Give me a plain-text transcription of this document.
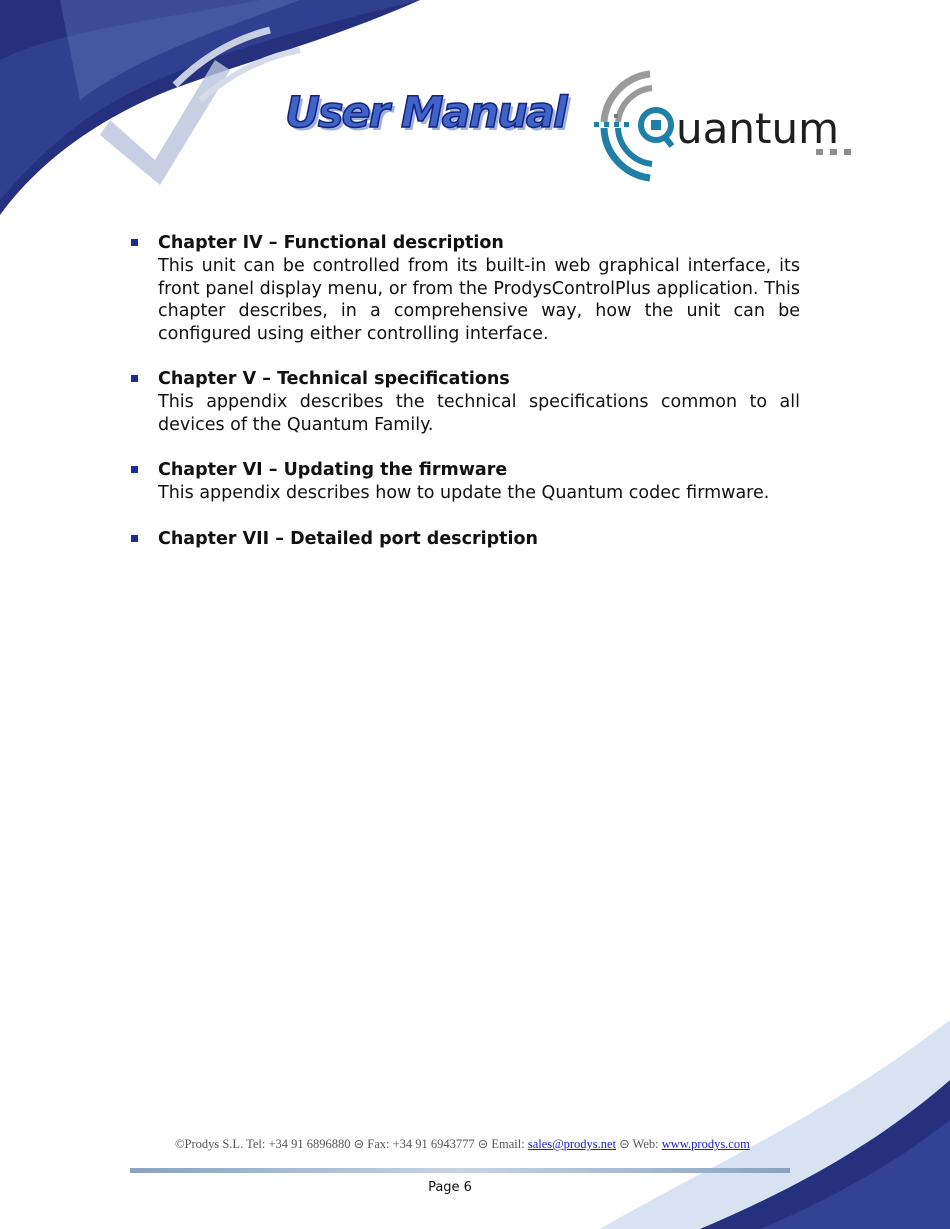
User Manual	uantum
Chapter IV – Functional description
This unit can be controlled from its built-in web graphical interface, its front panel display menu, or from the ProdysControlPlus application. This chapter describes, in a comprehensive way, how the unit can be configured using either controlling interface.
Chapter V – Technical specifications
This appendix describes the technical specifications common to all devices of the Quantum Family.
Chapter VI – Updating the firmware
This appendix describes how to update the Quantum codec firmware.
Chapter VII – Detailed port description
©Prodys S.L. Tel: +34 91 6896880 ⊝ Fax: +34 91 6943777 ⊝ Email: sales@prodys.net ⊝ Web: www.prodys.com
Page 6
